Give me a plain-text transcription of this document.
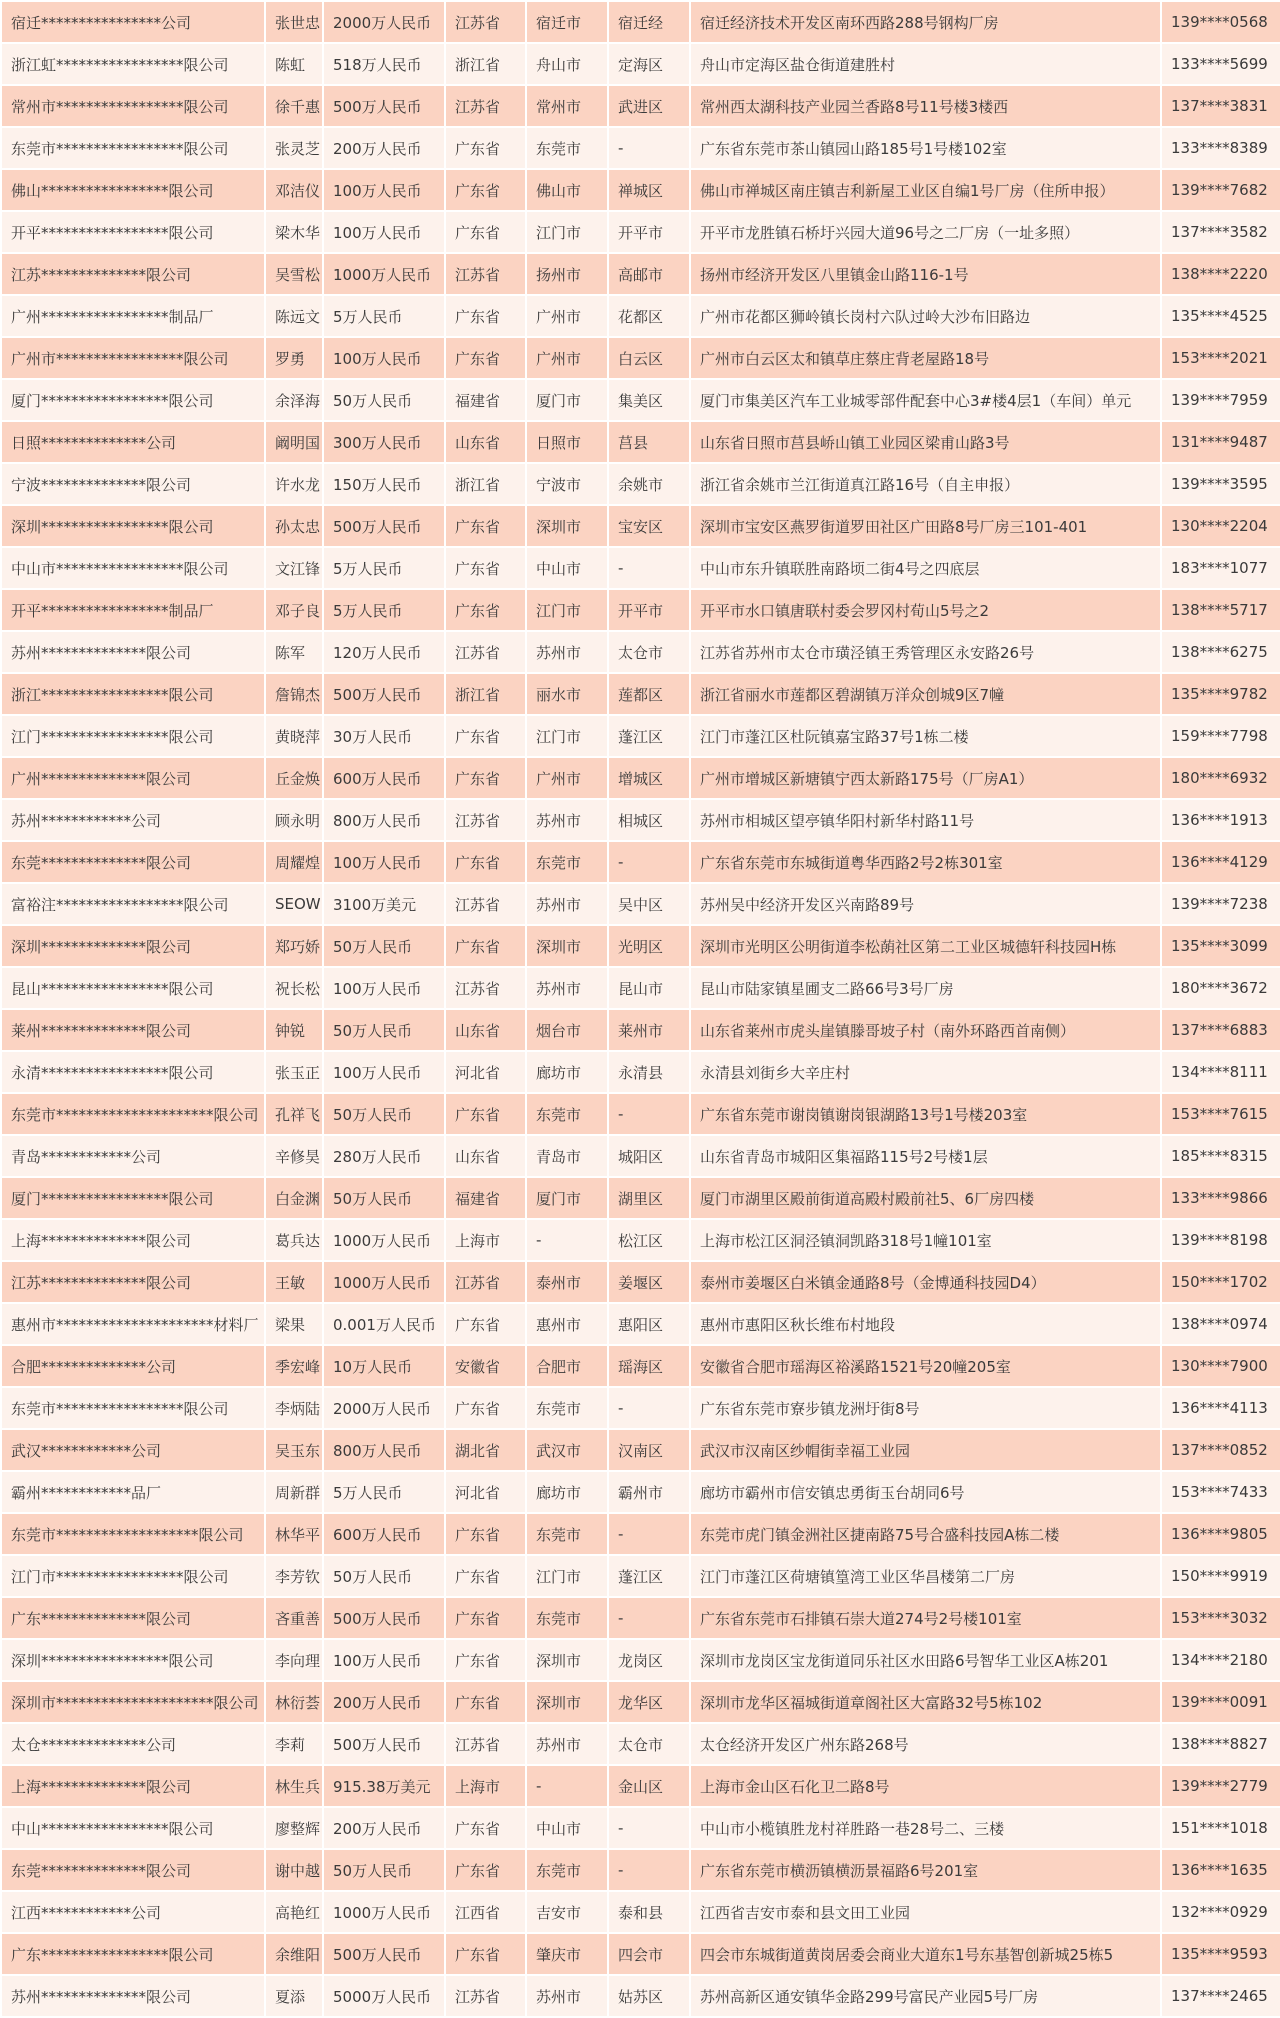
宿迁****************公司	张世忠	2000万人民币	江苏省	宿迁市	宿迁经	宿迁经济技术开发区南环西路288号钢构厂房	139****0568
浙江虹*****************限公司	陈虹	518万人民币	浙江省	舟山市	定海区	舟山市定海区盐仓街道建胜村	133****5699
常州市*****************限公司	徐千惠	500万人民币	江苏省	常州市	武进区	常州西太湖科技产业园兰香路8号11号楼3楼西	137****3831
东莞市*****************限公司	张灵芝	200万人民币	广东省	东莞市	-	广东省东莞市茶山镇园山路185号1号楼102室	133****8389
佛山*****************限公司	邓洁仪	100万人民币	广东省	佛山市	禅城区	佛山市禅城区南庄镇吉利新屋工业区自编1号厂房（住所申报）	139****7682
开平*****************限公司	梁木华	100万人民币	广东省	江门市	开平市	开平市龙胜镇石桥圩兴园大道96号之二厂房（一址多照）	137****3582
江苏**************限公司	吴雪松	1000万人民币	江苏省	扬州市	高邮市	扬州市经济开发区八里镇金山路116-1号	138****2220
广州*****************制品厂	陈远文	5万人民币	广东省	广州市	花都区	广州市花都区狮岭镇长岗村六队过岭大沙布旧路边	135****4525
广州市*****************限公司	罗勇	100万人民币	广东省	广州市	白云区	广州市白云区太和镇草庄蔡庄背老屋路18号	153****2021
厦门*****************限公司	余泽海	50万人民币	福建省	厦门市	集美区	厦门市集美区汽车工业城零部件配套中心3#楼4层1（车间）单元	139****7959
日照**************公司	阚明国	300万人民币	山东省	日照市	莒县	山东省日照市莒县峤山镇工业园区梁甫山路3号	131****9487
宁波**************限公司	许水龙	150万人民币	浙江省	宁波市	余姚市	浙江省余姚市兰江街道真江路16号（自主申报）	139****3595
深圳*****************限公司	孙太忠	500万人民币	广东省	深圳市	宝安区	深圳市宝安区燕罗街道罗田社区广田路8号厂房三101-401	130****2204
中山市*****************限公司	文江锋	5万人民币	广东省	中山市	-	中山市东升镇联胜南路顷二街4号之四底层	183****1077
开平*****************制品厂	邓子良	5万人民币	广东省	江门市	开平市	开平市水口镇唐联村委会罗冈村荀山5号之2	138****5717
苏州**************限公司	陈军	120万人民币	江苏省	苏州市	太仓市	江苏省苏州市太仓市璜泾镇王秀管理区永安路26号	138****6275
浙江*****************限公司	詹锦杰	500万人民币	浙江省	丽水市	莲都区	浙江省丽水市莲都区碧湖镇万洋众创城9区7幢	135****9782
江门*****************限公司	黄晓萍	30万人民币	广东省	江门市	蓬江区	江门市蓬江区杜阮镇嘉宝路37号1栋二楼	159****7798
广州**************限公司	丘金焕	600万人民币	广东省	广州市	增城区	广州市增城区新塘镇宁西太新路175号（厂房A1）	180****6932
苏州************公司	顾永明	800万人民币	江苏省	苏州市	相城区	苏州市相城区望亭镇华阳村新华村路11号	136****1913
东莞**************限公司	周耀煌	100万人民币	广东省	东莞市	-	广东省东莞市东城街道粤华西路2号2栋301室	136****4129
富裕注*****************限公司	SEOW	3100万美元	江苏省	苏州市	吴中区	苏州吴中经济开发区兴南路89号	139****7238
深圳**************限公司	郑巧娇	50万人民币	广东省	深圳市	光明区	深圳市光明区公明街道李松蓢社区第二工业区城德轩科技园H栋	135****3099
昆山*****************限公司	祝长松	100万人民币	江苏省	苏州市	昆山市	昆山市陆家镇星圃支二路66号3号厂房	180****3672
莱州**************限公司	钟锐	50万人民币	山东省	烟台市	莱州市	山东省莱州市虎头崖镇滕哥坡子村（南外环路西首南侧）	137****6883
永清*****************限公司	张玉正	100万人民币	河北省	廊坊市	永清县	永清县刘街乡大辛庄村	134****8111
东莞市*********************限公司	孔祥飞	50万人民币	广东省	东莞市	-	广东省东莞市谢岗镇谢岗银湖路13号1号楼203室	153****7615
青岛************公司	辛修昊	280万人民币	山东省	青岛市	城阳区	山东省青岛市城阳区集福路115号2号楼1层	185****8315
厦门*****************限公司	白金渊	50万人民币	福建省	厦门市	湖里区	厦门市湖里区殿前街道高殿村殿前社5、6厂房四楼	133****9866
上海**************限公司	葛兵达	1000万人民币	上海市	-	松江区	上海市松江区洞泾镇洞凯路318号1幢101室	139****8198
江苏**************限公司	王敏	1000万人民币	江苏省	泰州市	姜堰区	泰州市姜堰区白米镇金通路8号（金博通科技园D4）	150****1702
惠州市*********************材料厂	梁果	0.001万人民币	广东省	惠州市	惠阳区	惠州市惠阳区秋长维布村地段	138****0974
合肥**************公司	季宏峰	10万人民币	安徽省	合肥市	瑶海区	安徽省合肥市瑶海区裕溪路1521号20幢205室	130****7900
东莞市*****************限公司	李炳陆	2000万人民币	广东省	东莞市	-	广东省东莞市寮步镇龙洲圩街8号	136****4113
武汉************公司	吴玉东	800万人民币	湖北省	武汉市	汉南区	武汉市汉南区纱帽街幸福工业园	137****0852
霸州************品厂	周新群	5万人民币	河北省	廊坊市	霸州市	廊坊市霸州市信安镇忠勇街玉台胡同6号	153****7433
东莞市*******************限公司	林华平	600万人民币	广东省	东莞市	-	东莞市虎门镇金洲社区捷南路75号合盛科技园A栋二楼	136****9805
江门市*****************限公司	李芳钦	50万人民币	广东省	江门市	蓬江区	江门市蓬江区荷塘镇篁湾工业区华昌楼第二厂房	150****9919
广东**************限公司	吝重善	500万人民币	广东省	东莞市	-	广东省东莞市石排镇石崇大道274号2号楼101室	153****3032
深圳*****************限公司	李向理	100万人民币	广东省	深圳市	龙岗区	深圳市龙岗区宝龙街道同乐社区水田路6号智华工业区A栋201	134****2180
深圳市*********************限公司	林衍荟	200万人民币	广东省	深圳市	龙华区	深圳市龙华区福城街道章阁社区大富路32号5栋102	139****0091
太仓**************公司	李莉	500万人民币	江苏省	苏州市	太仓市	太仓经济开发区广州东路268号	138****8827
上海**************限公司	林生兵	915.38万美元	上海市	-	金山区	上海市金山区石化卫二路8号	139****2779
中山*****************限公司	廖整辉	200万人民币	广东省	中山市	-	中山市小榄镇胜龙村祥胜路一巷28号二、三楼	151****1018
东莞**************限公司	谢中越	50万人民币	广东省	东莞市	-	广东省东莞市横沥镇横沥景福路6号201室	136****1635
江西************公司	高艳红	1000万人民币	江西省	吉安市	泰和县	江西省吉安市泰和县文田工业园	132****0929
广东*****************限公司	余维阳	500万人民币	广东省	肇庆市	四会市	四会市东城街道黄岗居委会商业大道东1号东基智创新城25栋5	135****9593
苏州**************限公司	夏添	5000万人民币	江苏省	苏州市	姑苏区	苏州高新区通安镇华金路299号富民产业园5号厂房	137****2465
